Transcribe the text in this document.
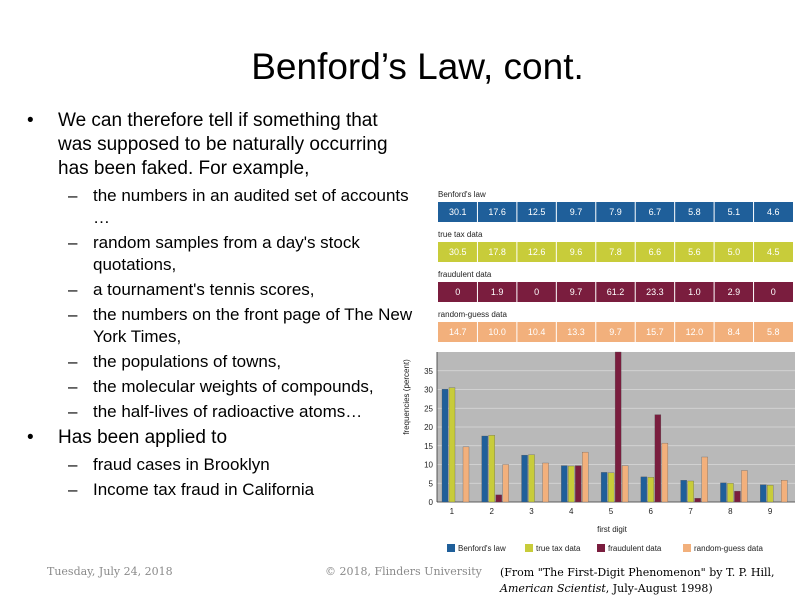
Benford’s Law, cont.
• We can therefore tell if something that was supposed to be naturally occurring has been faked. For example,
– the numbers in an audited set of accounts …
– random samples from a day's stock quotations,
– a tournament's tennis scores,
– the numbers on the front page of The New York Times,
– the populations of towns,
– the molecular weights of compounds,
– the half-lives of radioactive atoms…
• Has been applied to
– fraud cases in Brooklyn
– Income tax fraud in California
Benford's law
30.1 17.6 12.5	9.7	7.9	6.7	5.8	5.1	4.6
true tax data
30.5 17.8 12.6	9.6	7.8	6.6	5.6	5.0	4.5
fraudulent data
0	1.9	0	9.7	61.2 23.3	1.0	2.9	0
random-guess data
14.7 10.0 10.4 13.3	9.7	15.7 12.0	8.4	5.8
0
5
10
15
20
25
30
35
1	2	3	4	5	6	7	8	9
first digit
frequencies (percent)
Benford's law	true tax data	fraudulent data	random-guess data
Tuesday, July 24, 2018	© 2018, Flinders University (From "The First-Digit Phenomenon" by T. P. Hill, American Scientist, July-August 1998)
